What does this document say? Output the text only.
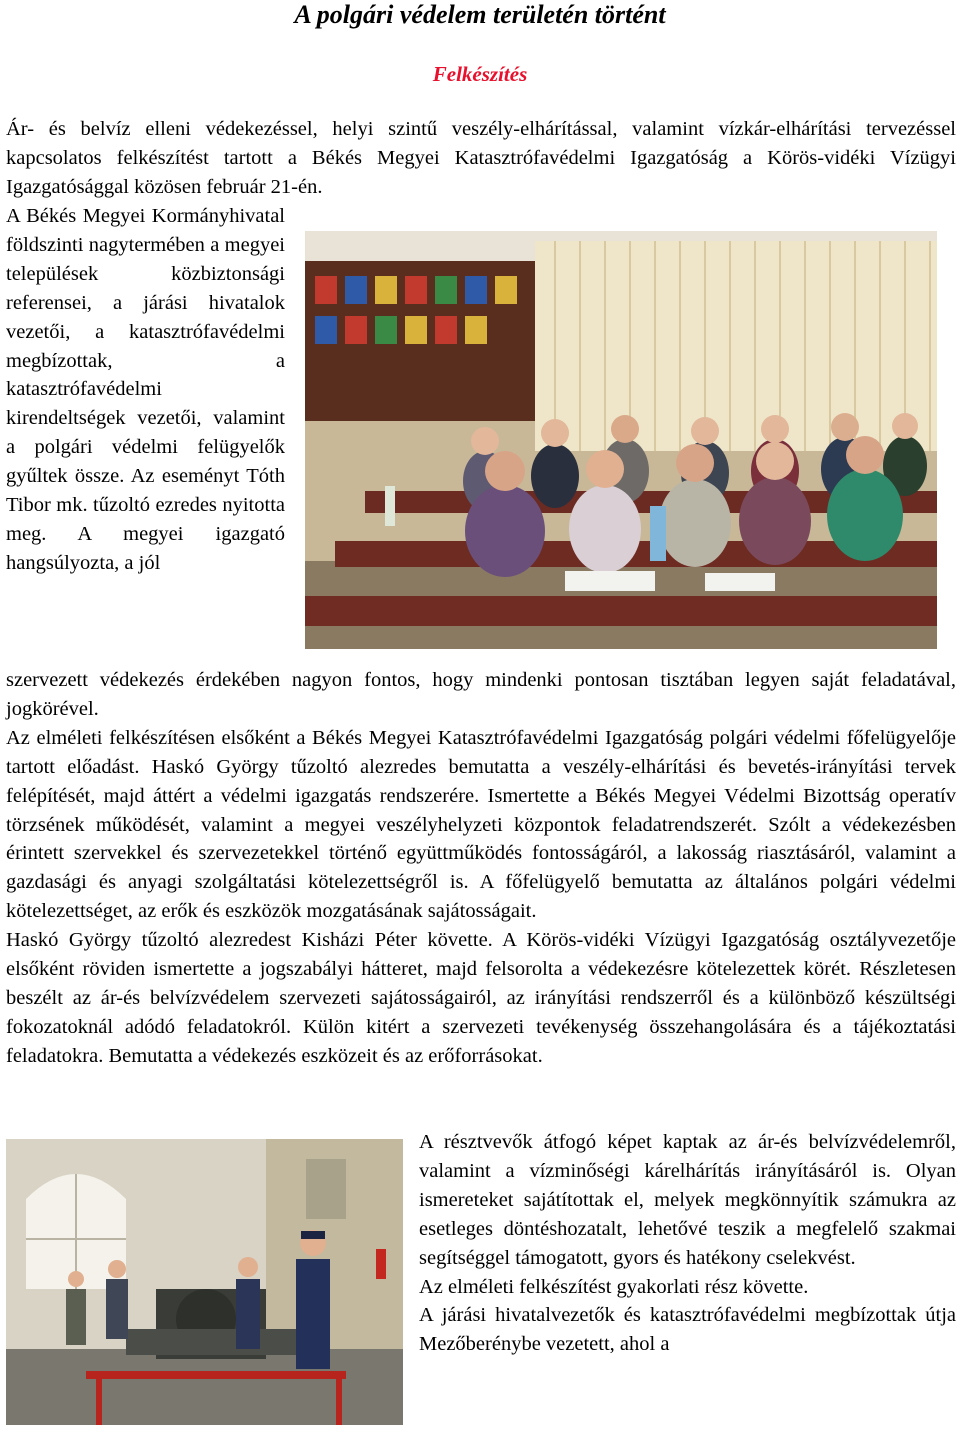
A polgári védelem területén történt
Felkészítés

Ár- és belvíz elleni védekezéssel, helyi szintű veszély-elhárítással, valamint vízkár-elhárítási tervezéssel kapcsolatos felkészítést tartott a Békés Megyei Katasztrófavédelmi Igazgatóság a Körös-vidéki Vízügyi Igazgatósággal közösen február 21-én.

A Békés Megyei Kormányhivatal földszinti nagytermében a megyei települések közbiztonsági referensei, a járási hivatalok vezetői, a katasztrófavédelmi megbízottak, a katasztrófavédelmi kirendeltségek vezetői, valamint a polgári védelmi felügyelők gyűltek össze. Az eseményt Tóth Tibor mk. tűzoltó ezredes nyitotta meg. A megyei igazgató hangsúlyozta, a jól

szervezett védekezés érdekében nagyon fontos, hogy mindenki pontosan tisztában legyen saját feladatával, jogkörével.

Az elméleti felkészítésen elsőként a Békés Megyei Katasztrófavédelmi Igazgatóság polgári védelmi főfelügyelője tartott előadást. Haskó György tűzoltó alezredes bemutatta a veszély-elhárítási és bevetés-irányítási tervek felépítését, majd áttért a védelmi igazgatás rendszerére. Ismertette a Békés Megyei Védelmi Bizottság operatív törzsének működését, valamint a megyei veszélyhelyzeti központok feladatrendszerét. Szólt a védekezésben érintett szervekkel és szervezetekkel történő együttműködés fontosságáról, a lakosság riasztásáról, valamint a gazdasági és anyagi szolgáltatási kötelezettségről is. A főfelügyelő bemutatta az általános polgári védelmi kötelezettséget, az erők és eszközök mozgatásának sajátosságait.

Haskó György tűzoltó alezredest Kisházi Péter követte. A Körös-vidéki Vízügyi Igazgatóság osztályvezetője elsőként röviden ismertette a jogszabályi hátteret, majd felsorolta a védekezésre kötelezettek körét. Részletesen beszélt az ár-és belvízvédelem szervezeti sajátosságairól, az irányítási rendszerről és a különböző készültségi fokozatoknál adódó feladatokról. Külön kitért a szervezeti tevékenység összehangolására és a tájékoztatási feladatokra. Bemutatta a védekezés eszközeit és az erőforrásokat.

A résztvevők átfogó képet kaptak az ár-és belvízvédelemről, valamint a vízminőségi kárelhárítás irányításáról is. Olyan ismereteket sajátítottak el, melyek megkönnyítik számukra az esetleges döntéshozatalt, lehetővé teszik a megfelelő szakmai segítséggel támogatott, gyors és hatékony cselekvést.

Az elméleti felkészítést gyakorlati rész követte.

A járási hivatalvezetők és katasztrófavédelmi megbízottak útja Mezőberénybe vezetett, ahol a
